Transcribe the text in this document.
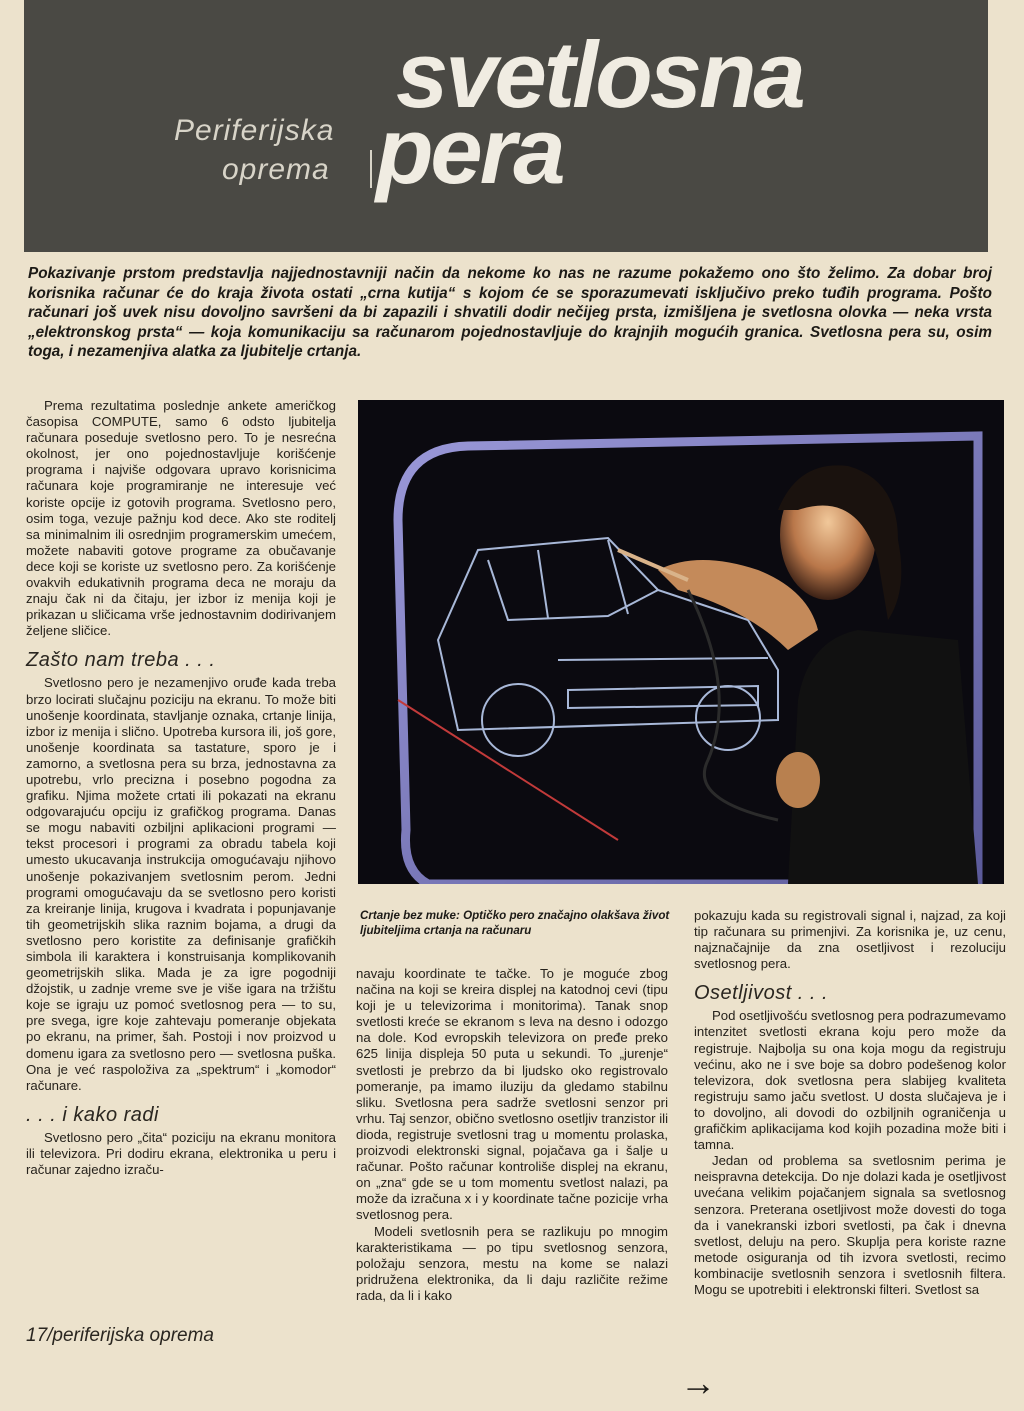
Periferijska
oprema
svetlosna
pera
Pokazivanje prstom predstavlja najjednostavniji način da nekome ko nas ne razume pokažemo ono što želimo. Za dobar broj korisnika računar će do kraja života ostati „crna kutija“ s kojom će se sporazumevati isključivo preko tuđih programa. Pošto računari još uvek nisu dovoljno savršeni da bi zapazili i shvatili dodir nečijeg prsta, izmišljena je svetlosna olovka — neka vrsta „elektronskog prsta“ — koja komunikaciju sa računarom pojednostavljuje do krajnjih mogućih granica. Svetlosna pera su, osim toga, i nezamenjiva alatka za ljubitelje crtanja.

Prema rezultatima poslednje ankete američkog časopisa COMPUTE, samo 6 odsto ljubitelja računara poseduje svetlosno pero. To je nesrećna okolnost, jer ono pojednostavljuje korišćenje programa i najviše odgovara upravo korisnicima računara koje programiranje ne interesuje već koriste opcije iz gotovih programa. Svetlosno pero, osim toga, vezuje pažnju kod dece. Ako ste roditelj sa minimalnim ili osrednjim programerskim umećem, možete nabaviti gotove programe za obučavanje dece koji se koriste uz svetlosno pero. Za korišćenje ovakvih edukativnih programa deca ne moraju da znaju čak ni da čitaju, jer izbor iz menija koji je prikazan u sličicama vrše jednostavnim dodirivanjem željene sličice.

Zašto nam treba . . .

Svetlosno pero je nezamenjivo oruđe kada treba brzo locirati slučajnu poziciju na ekranu. To može biti unošenje koordinata, stavljanje oznaka, crtanje linija, izbor iz menija i slično. Upotreba kursora ili, još gore, unošenje koordinata sa tastature, sporo je i zamorno, a svetlosna pera su brza, jednostavna za upotrebu, vrlo precizna i posebno pogodna za grafiku. Njima možete crtati ili pokazati na ekranu odgovarajuću opciju iz grafičkog programa. Danas se mogu nabaviti ozbiljni aplikacioni programi — tekst procesori i programi za obradu tabela koji umesto ukucavanja instrukcija omogućavaju njihovo unošenje pokazivanjem svetlosnim perom. Jedni programi omogućavaju da se svetlosno pero koristi za kreiranje linija, krugova i kvadrata i popunjavanje tih geometrijskih slika raznim bojama, a drugi da svetlosno pero koristite za definisanje grafičkih simbola ili karaktera i konstruisanja komplikovanih geometrijskih slika. Mada je za igre pogodniji džojstik, u zadnje vreme sve je više igara na tržištu koje se igraju uz pomoć svetlosnog pera — to su, pre svega, igre koje zahtevaju pomeranje objekata po ekranu, na primer, šah. Postoji i nov proizvod u domenu igara za svetlosno pero — svetlosna puška. Ona je već raspoloživa za „spektrum“ i „komodor“ računare.

. . . i kako radi

Svetlosno pero „čita“ poziciju na ekranu monitora ili televizora. Pri dodiru ekrana, elektronika u peru i računar zajedno izraču-

Crtanje bez muke: Optičko pero značajno olakšava život ljubiteljima crtanja na računaru

navaju koordinate te tačke. To je moguće zbog načina na koji se kreira displej na katodnoj cevi (tipu koji je u televizorima i monitorima). Tanak snop svetlosti kreće se ekranom s leva na desno i odozgo na dole. Kod evropskih televizora on pređe preko 625 linija displeja 50 puta u sekundi. To „jurenje“ svetlosti je prebrzo da bi ljudsko oko registrovalo pomeranje, pa imamo iluziju da gledamo stabilnu sliku. Svetlosna pera sadrže svetlosni senzor pri vrhu. Taj senzor, obično svetlosno osetljiv tranzistor ili dioda, registruje svetlosni trag u momentu prolaska, proizvodi elektronski signal, pojačava ga i šalje u računar. Pošto računar kontroliše displej na ekranu, on „zna“ gde se u tom momentu svetlost nalazi, pa može da izračuna x i y koordinate tačne pozicije vrha svetlosnog pera.

Modeli svetlosnih pera se razlikuju po mnogim karakteristikama — po tipu svetlosnog senzora, položaju senzora, mestu na kome se nalazi pridružena elektronika, da li daju različite režime rada, da li i kako

pokazuju kada su registrovali signal i, najzad, za koji tip računara su primenjivi. Za korisnika je, uz cenu, najznačajnije da zna osetljivost i rezoluciju svetlosnog pera.

Osetljivost . . .

Pod osetljivošću svetlosnog pera podrazumevamo intenzitet svetlosti ekrana koju pero može da registruje. Najbolja su ona koja mogu da registruju većinu, ako ne i sve boje sa dobro podešenog kolor televizora, dok svetlosna pera slabijeg kvaliteta registruju samo jaču svetlost. U dosta slučajeva je i to dovoljno, ali dovodi do ozbiljnih ograničenja u grafičkim aplikacijama kod kojih pozadina može biti i tamna.

Jedan od problema sa svetlosnim perima je neispravna detekcija. Do nje dolazi kada je osetljivost uvećana velikim pojačanjem signala sa svetlosnog senzora. Preterana osetljivost može dovesti do toga da i vanekranski izbori svetlosti, pa čak i dnevna svetlost, deluju na pero. Skuplja pera koriste razne metode osiguranja od tih izvora svetlosti, recimo kombinacije svetlosnih senzora i svetlosnih filtera. Mogu se upotrebiti i elektronski filteri. Svetlost sa

17/periferijska oprema
→
